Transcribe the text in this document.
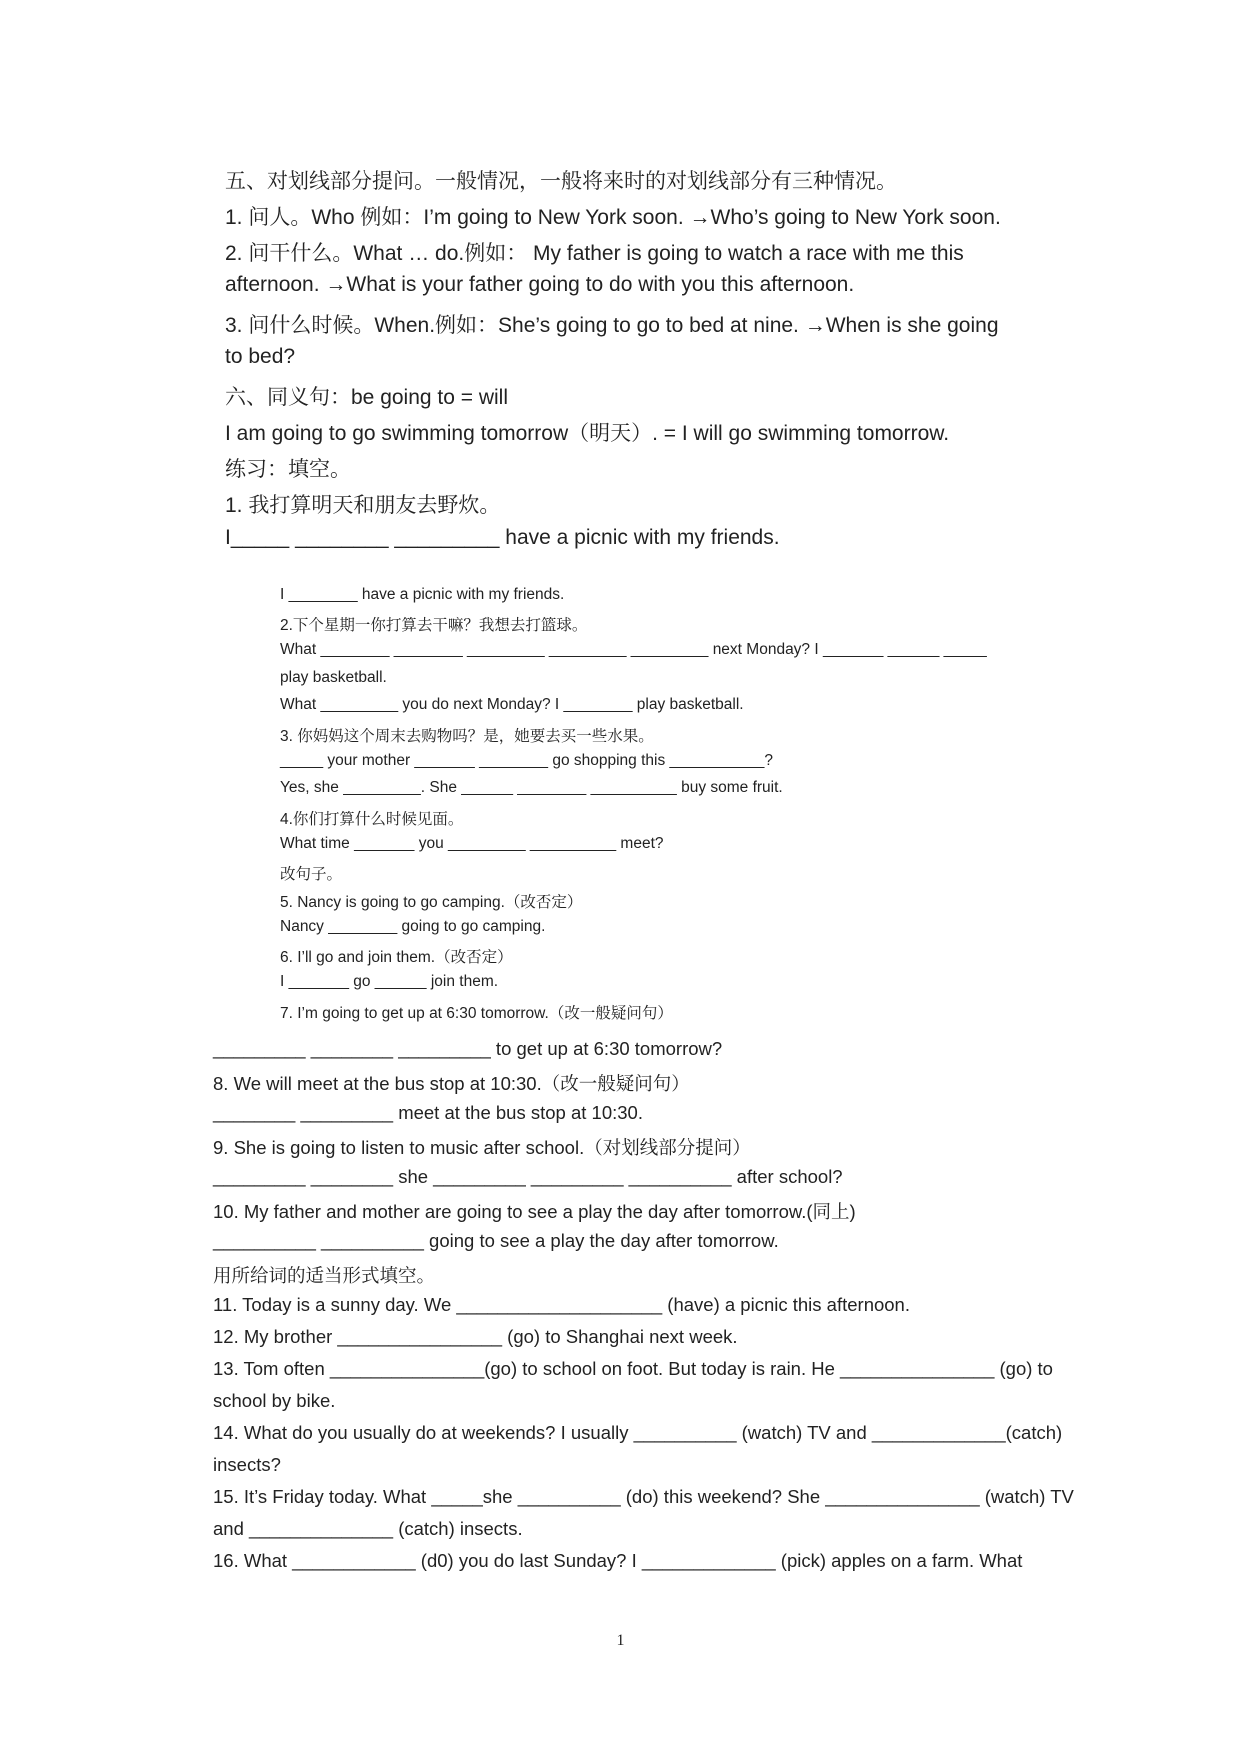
五、对划线部分提问。一般情况，一般将来时的对划线部分有三种情况。
1. 问人。Who 例如：I’m going to New York soon. →Who’s going to New York soon.
2. 问干什么。What … do.例如： My father is going to watch a race with me this
afternoon. →What is your father going to do with you this afternoon.
3. 问什么时候。When.例如：She’s going to go to bed at nine. →When is she going
to bed?
六、同义句：be going to = will
I am going to go swimming tomorrow（明天）. = I will go swimming tomorrow.
练习：填空。
1. 我打算明天和朋友去野炊。
I_____ ________ _________ have a picnic with my friends.
I ________ have a picnic with my friends.
2.下个星期一你打算去干嘛？我想去打篮球。
What ________ ________ _________ _________ _________ next Monday? I _______ ______ _____
play basketball.
What _________ you do next Monday? I ________ play basketball.
3. 你妈妈这个周末去购物吗？是，她要去买一些水果。
_____ your mother _______ ________ go shopping this ___________?
Yes, she _________. She ______ ________ __________ buy some fruit.
4.你们打算什么时候见面。
What time _______ you _________ __________ meet?
改句子。
5. Nancy is going to go camping.（改否定）
Nancy ________ going to go camping.
6. I’ll go and join them.（改否定）
I _______ go ______ join them.
7. I’m going to get up at 6:30 tomorrow.（改一般疑问句）
_________ ________ _________ to get up at 6:30 tomorrow?
8. We will meet at the bus stop at 10:30.（改一般疑问句）
________ _________ meet at the bus stop at 10:30.
9. She is going to listen to music after school.（对划线部分提问）
_________ ________ she _________ _________ __________ after school?
10. My father and mother are going to see a play the day after tomorrow.(同上)
__________ __________ going to see a play the day after tomorrow.
用所给词的适当形式填空。
11. Today is a sunny day. We ____________________ (have) a picnic this afternoon.
12. My brother ________________ (go) to Shanghai next week.
13. Tom often _______________(go) to school on foot. But today is rain. He _______________ (go) to
school by bike.
14. What do you usually do at weekends? I usually __________ (watch) TV and _____________(catch)
insects?
15. It’s Friday today. What _____she __________ (do) this weekend? She _______________ (watch) TV
and ______________ (catch) insects.
16. What ____________ (d0) you do last Sunday? I _____________ (pick) apples on a farm. What
1
